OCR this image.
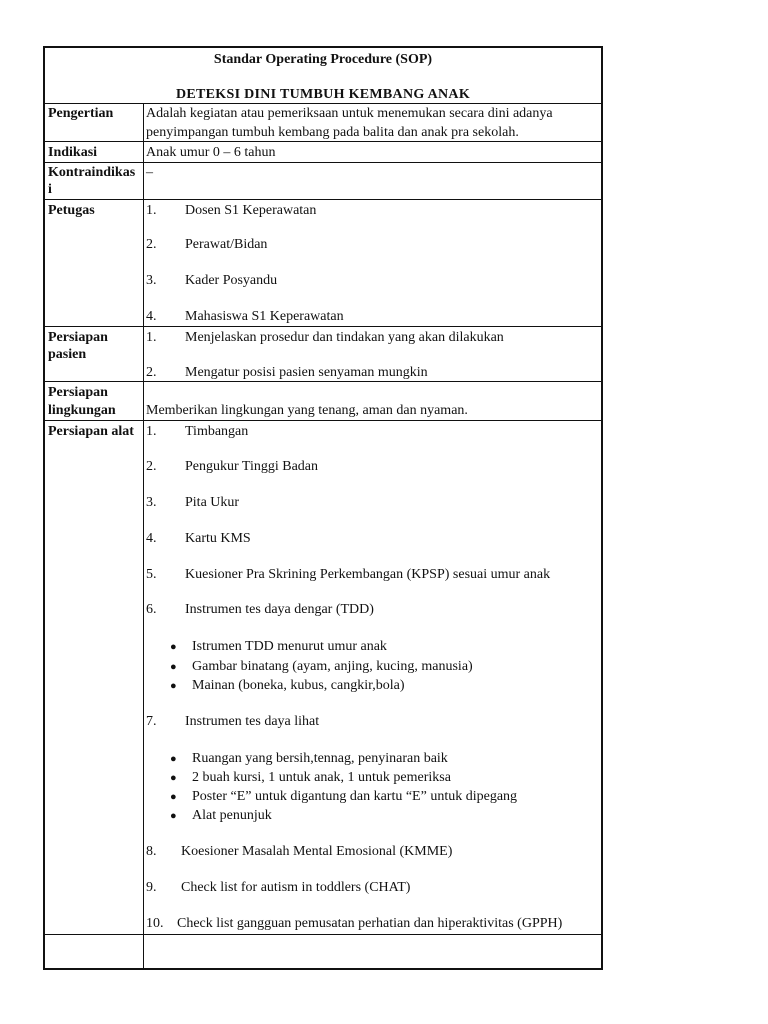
Standar Operating Procedure (SOP)
DETEKSI DINI TUMBUH KEMBANG ANAK
Pengertian Adalah kegiatan atau pemeriksaan untuk menemukan secara dini adanya
penyimpangan tumbuh kembang pada balita dan anak pra sekolah.
Indikasi	Anak umur 0 – 6 tahun
Kontraindikas
i
–
Petugas	1. Dosen S1 Keperawatan
2. Perawat/Bidan
3. Kader Posyandu
4. Mahasiswa S1 Keperawatan
Persiapan
pasien
1. Menjelaskan prosedur dan tindakan yang akan dilakukan
2. Mengatur posisi pasien senyaman mungkin
Persiapan
lingkungan Memberikan lingkungan yang tenang, aman dan nyaman.
Persiapan alat 1. Timbangan
2. Pengukur Tinggi Badan
3. Pita Ukur
4. Kartu KMS
5. Kuesioner Pra Skrining Perkembangan (KPSP) sesuai umur anak
6. Instrumen tes daya dengar (TDD)
● Istrumen TDD menurut umur anak
● Gambar binatang (ayam, anjing, kucing, manusia)
● Mainan (boneka, kubus, cangkir,bola)
7. Instrumen tes daya lihat
● Ruangan yang bersih,tennag, penyinaran baik
● 2 buah kursi, 1 untuk anak, 1 untuk pemeriksa
● Poster “E” untuk digantung dan kartu “E” untuk dipegang
● Alat penunjuk
8. Koesioner Masalah Mental Emosional (KMME)
9. Check list for autism in toddlers (CHAT)
10. Check list gangguan pemusatan perhatian dan hiperaktivitas (GPPH)
